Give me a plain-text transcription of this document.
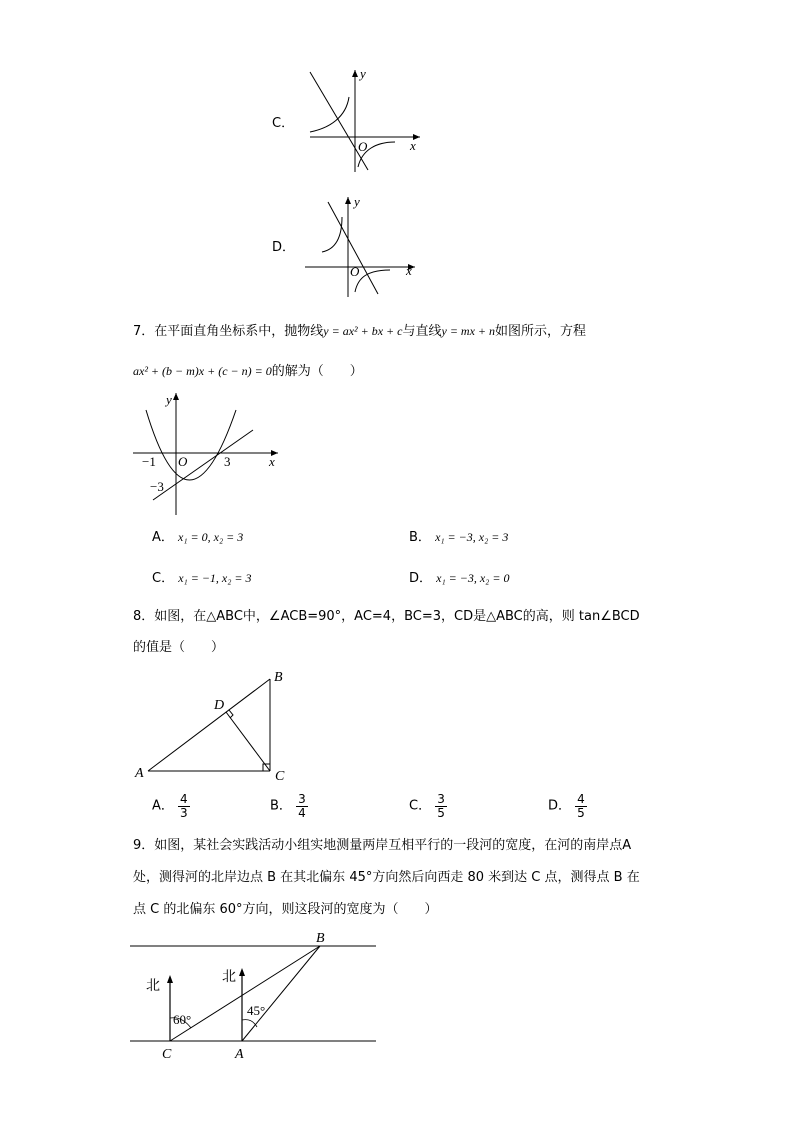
C．
y
x
O
D．
y
x
O
7．在平面直角坐标系中，抛物线y = ax² + bx + c与直线y = mx + n如图所示，方程
ax² + (b − m)x + (c − n) = 0的解为（　　）
y
x
O
−1	3
−3
A． x₁ = 0, x₂ = 3	B． x₁ = −3, x₂ = 3
C． x₁ = −1, x₂ = 3	D． x₁ = −3, x₂ = 0
8．如图，在△ABC中，∠ACB=90°，AC=4，BC=3，CD是△ABC的高，则 tan∠BCD
的值是（　　）
A
B
C
D
A． $\frac{4}{3}$	B． $\frac{3}{4}$	C． $\frac{3}{5}$	D． $\frac{4}{5}$
9．如图，某社会实践活动小组实地测量两岸互相平行的一段河的宽度，在河的南岸点A
处，测得河的北岸边点 B 在其北偏东 45°方向然后向西走 80 米到达 C 点，测得点 B 在
点 C 的北偏东 60°方向，则这段河的宽度为（　　）
B
C	A
北
北
60°
45°
